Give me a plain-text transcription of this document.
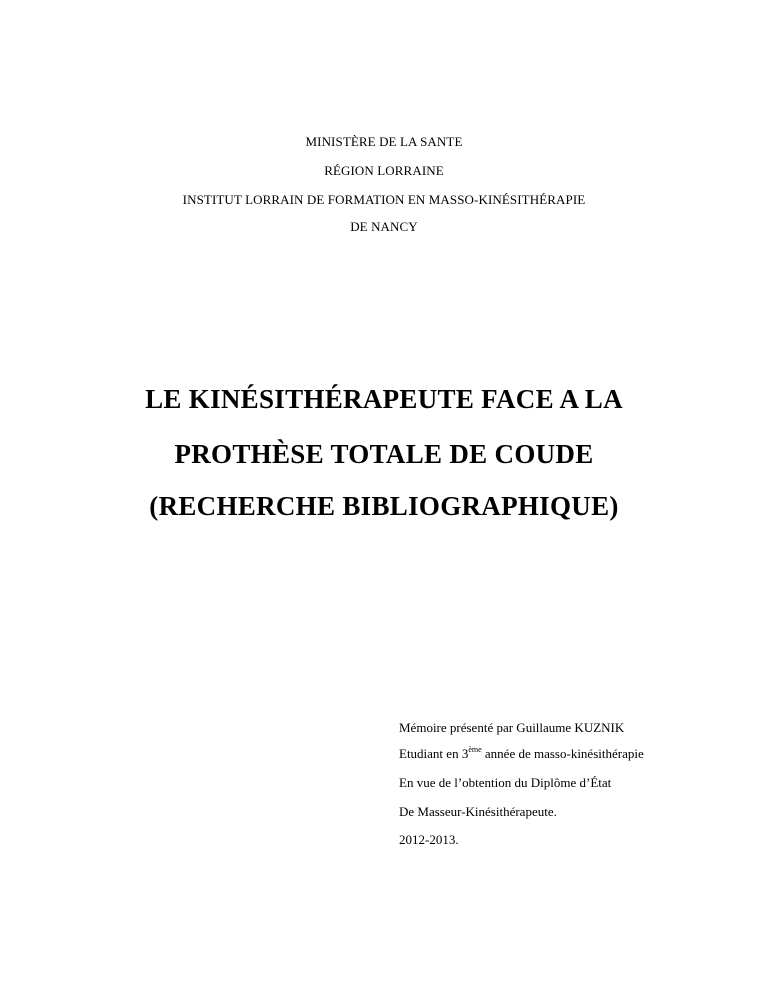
MINISTÈRE DE LA SANTE
RÉGION LORRAINE
INSTITUT LORRAIN DE FORMATION EN MASSO-KINÉSITHÉRAPIE
DE NANCY
LE KINÉSITHÉRAPEUTE FACE A LA
PROTHÈSE TOTALE DE COUDE
(RECHERCHE BIBLIOGRAPHIQUE)
Mémoire présenté par Guillaume KUZNIK
Etudiant en 3ème année de masso-kinésithérapie
En vue de l’obtention du Diplôme d’État
De Masseur-Kinésithérapeute.
2012-2013.
